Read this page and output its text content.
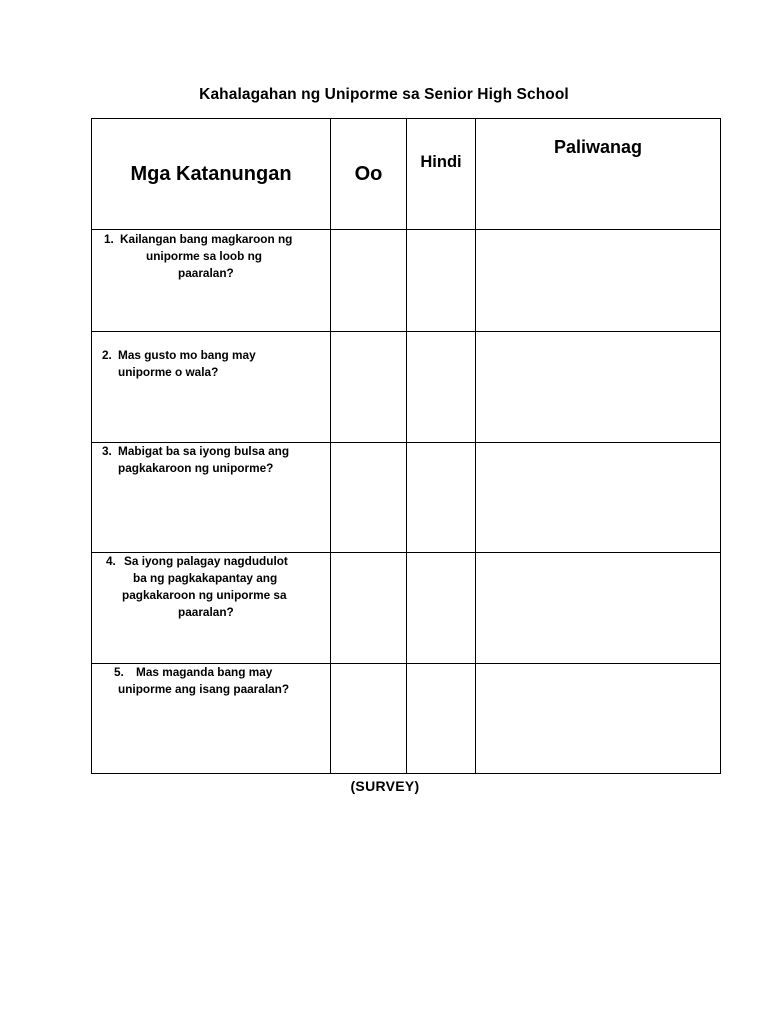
Kahalagahan ng Uniporme sa Senior High School
Mga Katanungan	Oo	Hindi	Paliwanag

1. Kailangan bang magkaroon ng
uniporme sa loob ng
paaralan?			

2. Mas gusto mo bang may
uniporme o wala?			

3. Mabigat ba sa iyong bulsa ang
pagkakaroon ng uniporme?			

4. Sa iyong palagay nagdudulot
ba ng pagkakapantay ang
pagkakaroon ng uniporme sa
paaralan?			

5. Mas maganda bang may
uniporme ang isang paaralan?			

(SURVEY)
